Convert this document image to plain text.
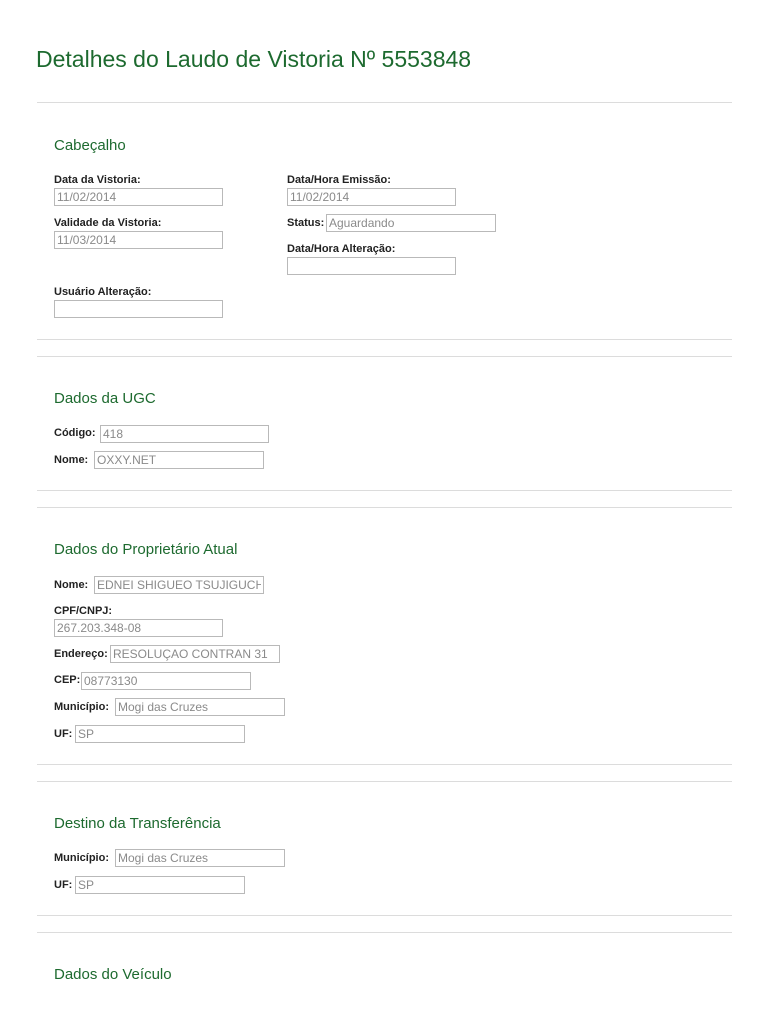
Detalhes do Laudo de Vistoria Nº 5553848
Cabeçalho
Data da Vistoria:
11/02/2014	Data/Hora Emissão:
11/02/2014
Validade da Vistoria:
11/03/2014	Status:
Aguardando
Data/Hora Alteração:
Usuário Alteração:
Dados da UGC
Código:
418
Nome:
OXXY.NET
Dados do Proprietário Atual
Nome:
EDNEI SHIGUEO TSUJIGUCHI
CPF/CNPJ:
267.203.348-08
Endereço:
RESOLUÇAO CONTRAN 31
CEP:
08773130
Município:
Mogi das Cruzes
UF:
SP
Destino da Transferência
Município:
Mogi das Cruzes
UF:
SP
Dados do Veículo
